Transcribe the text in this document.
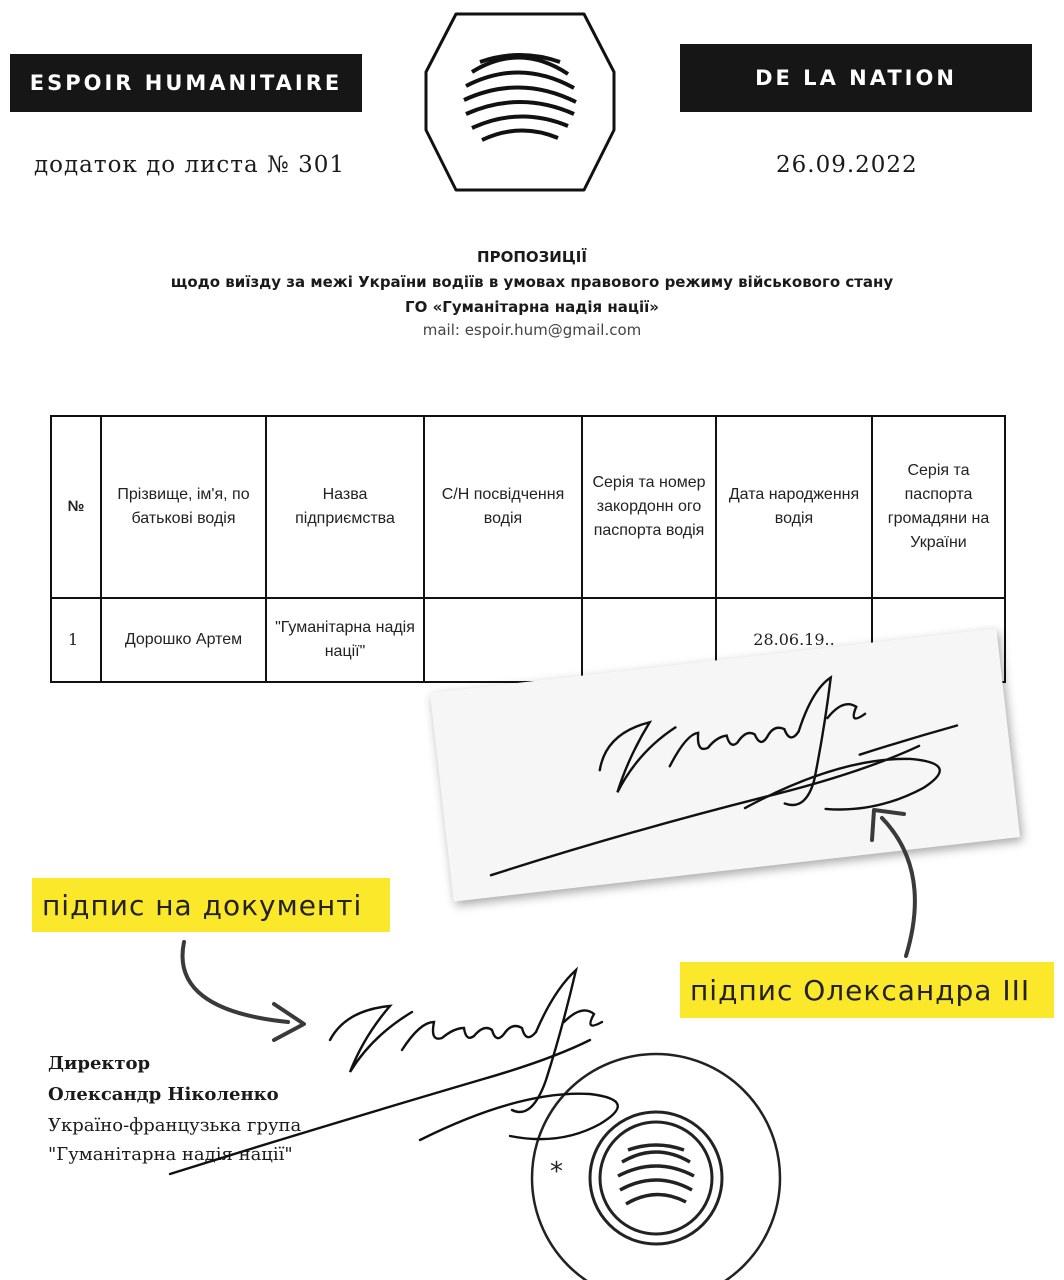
ESPOIR HUMANITAIRE	DE LA NATION
додаток до листа № 301	26.09.2022
ПРОПОЗИЦІЇ
щодо виїзду за межі України водіїв в умовах правового режиму військового стану
ГО «Гуманітарна надія нації»
mail: espoir.hum@gmail.com
№	Прізвище, ім'я, по батькові водія	Назва підприємства	С/Н посвідчення водія	Серія та номер закордонн ого паспорта водія	Дата народження водія	Серія та паспорта громадяни на України
1	Дорошко Артем	"Гуманітарна надія нації"			28.06.19..	
підпис на документі
підпис Олександра III
Директор
Олександр Ніколенко
Україно-французька група
"Гуманітарна надія нації"
*
